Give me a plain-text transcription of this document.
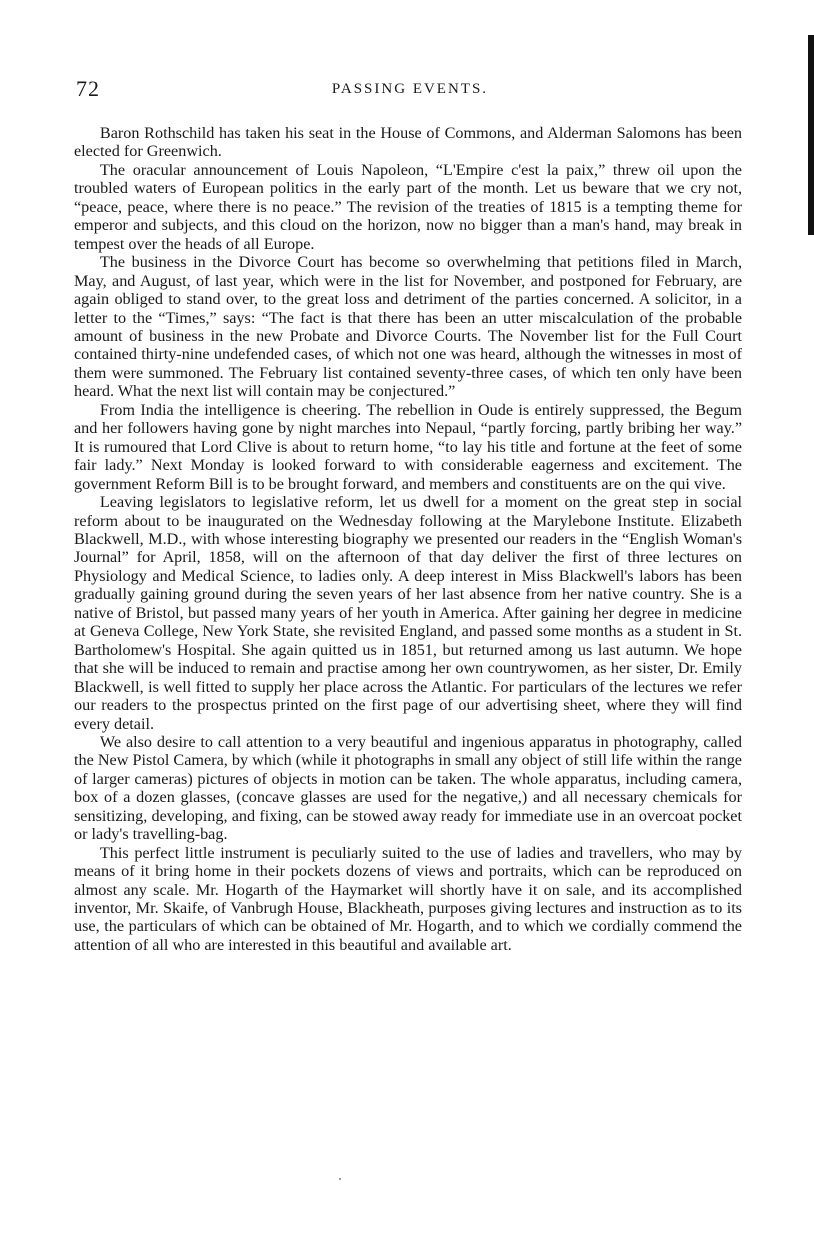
72	PASSING EVENTS.

Baron Rothschild has taken his seat in the House of Commons, and Alderman Salomons has been elected for Greenwich.

The oracular announcement of Louis Napoleon, “L'Empire c'est la paix,” threw oil upon the troubled waters of European politics in the early part of the month. Let us beware that we cry not, “peace, peace, where there is no peace.” The revision of the treaties of 1815 is a tempting theme for emperor and subjects, and this cloud on the horizon, now no bigger than a man's hand, may break in tempest over the heads of all Europe.

The business in the Divorce Court has become so overwhelming that petitions filed in March, May, and August, of last year, which were in the list for November, and postponed for February, are again obliged to stand over, to the great loss and detriment of the parties concerned. A solicitor, in a letter to the “Times,” says: “The fact is that there has been an utter miscalculation of the probable amount of business in the new Probate and Divorce Courts. The November list for the Full Court contained thirty-nine undefended cases, of which not one was heard, although the witnesses in most of them were summoned. The February list contained seventy-three cases, of which ten only have been heard. What the next list will contain may be conjectured.”

From India the intelligence is cheering. The rebellion in Oude is entirely suppressed, the Begum and her followers having gone by night marches into Nepaul, “partly forcing, partly bribing her way.” It is rumoured that Lord Clive is about to return home, “to lay his title and fortune at the feet of some fair lady.” Next Monday is looked forward to with considerable eagerness and excitement. The government Reform Bill is to be brought forward, and members and constituents are on the qui vive.

Leaving legislators to legislative reform, let us dwell for a moment on the great step in social reform about to be inaugurated on the Wednesday following at the Marylebone Institute. Elizabeth Blackwell, M.D., with whose interesting biography we presented our readers in the “English Woman's Journal” for April, 1858, will on the afternoon of that day deliver the first of three lectures on Physiology and Medical Science, to ladies only. A deep interest in Miss Blackwell's labors has been gradually gaining ground during the seven years of her last absence from her native country. She is a native of Bristol, but passed many years of her youth in America. After gaining her degree in medicine at Geneva College, New York State, she revisited England, and passed some months as a student in St. Bartholomew's Hospital. She again quitted us in 1851, but returned among us last autumn. We hope that she will be induced to remain and practise among her own countrywomen, as her sister, Dr. Emily Blackwell, is well fitted to supply her place across the Atlantic. For particulars of the lectures we refer our readers to the prospectus printed on the first page of our advertising sheet, where they will find every detail.

We also desire to call attention to a very beautiful and ingenious apparatus in photography, called the New Pistol Camera, by which (while it photographs in small any object of still life within the range of larger cameras) pictures of objects in motion can be taken. The whole apparatus, including camera, box of a dozen glasses, (concave glasses are used for the negative,) and all necessary chemicals for sensitizing, developing, and fixing, can be stowed away ready for immediate use in an overcoat pocket or lady's travelling-bag.

This perfect little instrument is peculiarly suited to the use of ladies and travellers, who may by means of it bring home in their pockets dozens of views and portraits, which can be reproduced on almost any scale. Mr. Hogarth of the Haymarket will shortly have it on sale, and its accomplished inventor, Mr. Skaife, of Vanbrugh House, Blackheath, purposes giving lectures and instruction as to its use, the particulars of which can be obtained of Mr. Hogarth, and to which we cordially commend the attention of all who are interested in this beautiful and available art.
